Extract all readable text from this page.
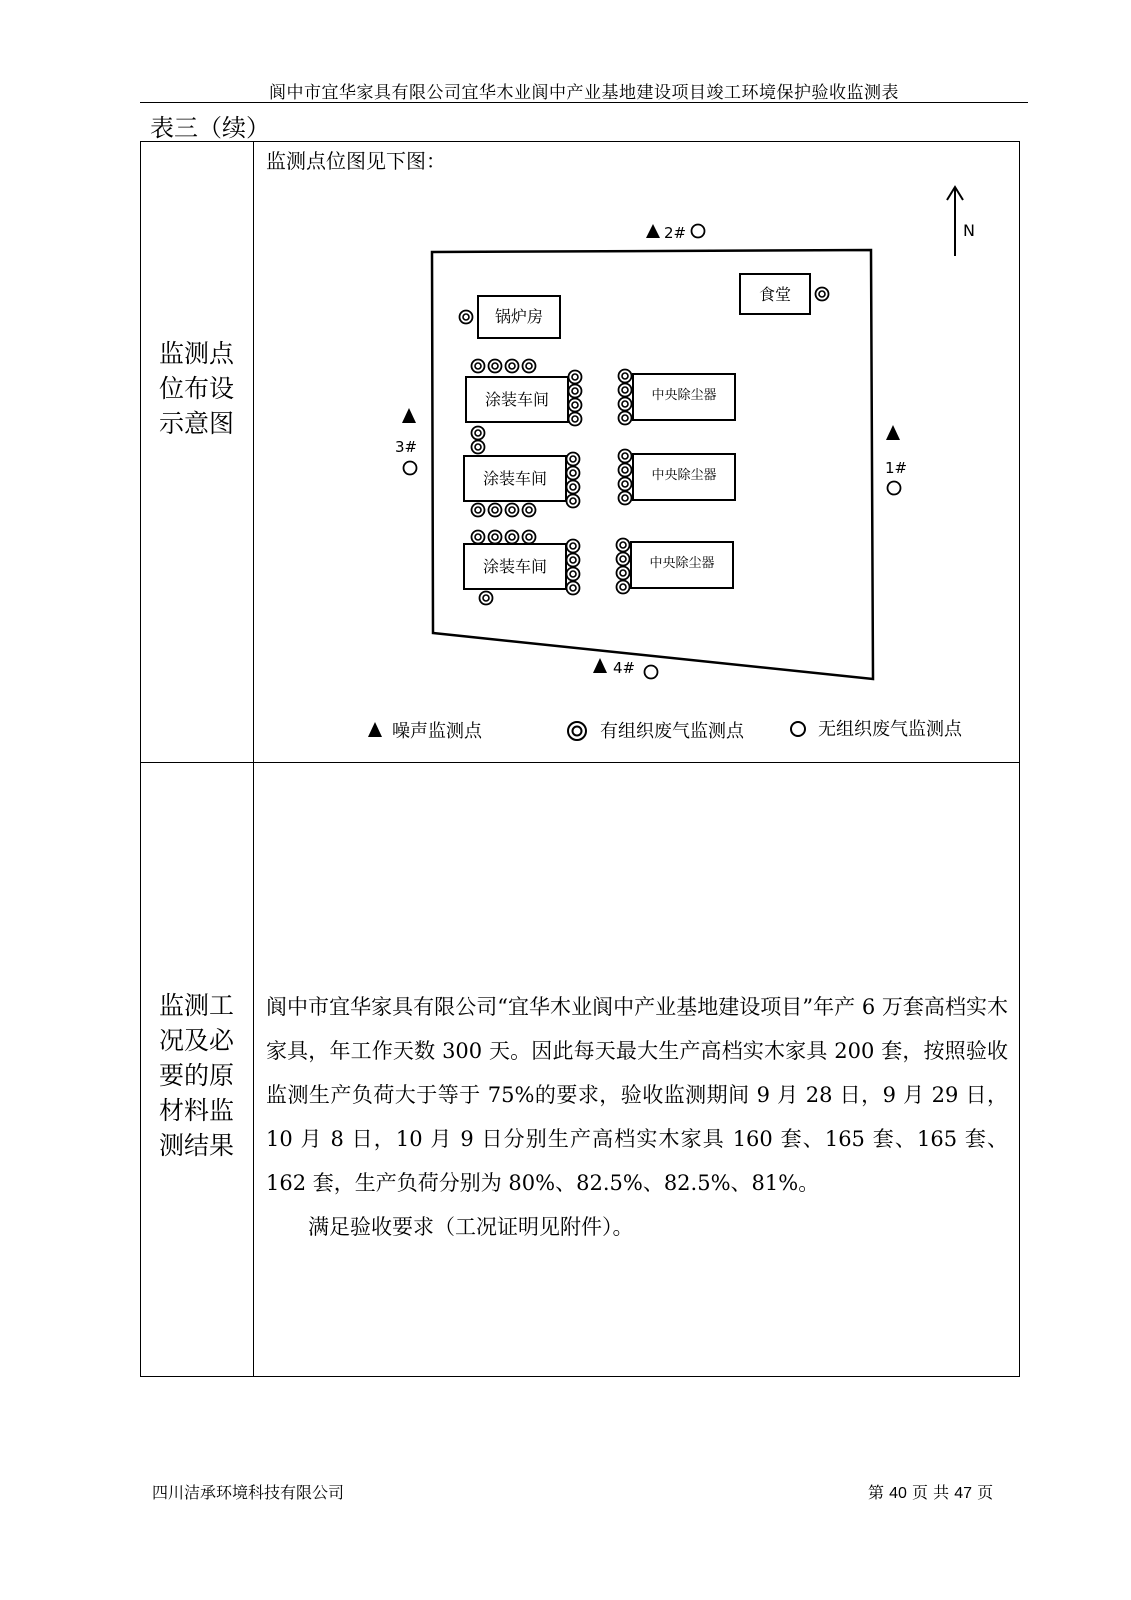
阆中市宜华家具有限公司宜华木业阆中产业基地建设项目竣工环境保护验收监测表
表三（续）
监测点
位布设
示意图
监测点位图见下图：
N
锅炉房
食堂
涂装车间
涂装车间
涂装车间
中央除尘器
中央除尘器
中央除尘器
2#
3#
1#
4#
噪声监测点	有组织废气监测点	无组织废气监测点
监测工
况及必
要的原
材料监
测结果

阆中市宜华家具有限公司“宜华木业阆中产业基地建设项目”年产 6 万套高档实木家具，年工作天数 300 天。因此每天最大生产高档实木家具 200 套，按照验收监测生产负荷大于等于 75%的要求，验收监测期间 9 月 28 日，9 月 29 日，10 月 8 日，10 月 9 日分别生产高档实木家具 160 套、165 套、165 套、162 套，生产负荷分别为 80%、82.5%、82.5%、81%。

满足验收要求（工况证明见附件）。

四川洁承环境科技有限公司	第 40 页 共 47 页
